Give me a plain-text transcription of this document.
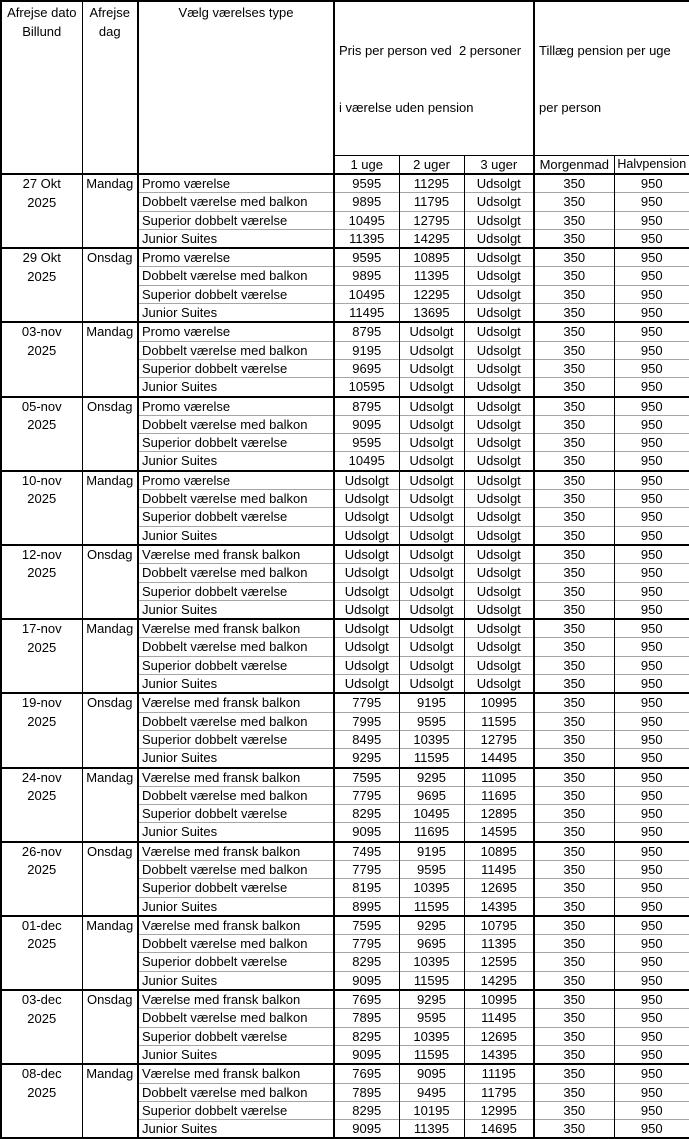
Afrejse dato
Billund

Afrejse
dag

Vælg værelses type

Pris per person ved  2 personer

i værelse uden pension

Tillæg pension per uge

per person

			1 uge	2 uger	3 uger	Morgenmad	Halvpension

27 Okt
2025	Mandag	Promo værelse	9595	11295	Udsolgt	350	950
		Dobbelt værelse med balkon	9895	11795	Udsolgt	350	950
		Superior dobbelt værelse	10495	12795	Udsolgt	350	950
		Junior Suites	11395	14295	Udsolgt	350	950

29 Okt
2025	Onsdag	Promo værelse	9595	10895	Udsolgt	350	950
		Dobbelt værelse med balkon	9895	11395	Udsolgt	350	950
		Superior dobbelt værelse	10495	12295	Udsolgt	350	950
		Junior Suites	11495	13695	Udsolgt	350	950

03-nov
2025	Mandag	Promo værelse	8795	Udsolgt	Udsolgt	350	950
		Dobbelt værelse med balkon	9195	Udsolgt	Udsolgt	350	950
		Superior dobbelt værelse	9695	Udsolgt	Udsolgt	350	950
		Junior Suites	10595	Udsolgt	Udsolgt	350	950

05-nov
2025	Onsdag	Promo værelse	8795	Udsolgt	Udsolgt	350	950
		Dobbelt værelse med balkon	9095	Udsolgt	Udsolgt	350	950
		Superior dobbelt værelse	9595	Udsolgt	Udsolgt	350	950
		Junior Suites	10495	Udsolgt	Udsolgt	350	950

10-nov
2025	Mandag	Promo værelse	Udsolgt	Udsolgt	Udsolgt	350	950
		Dobbelt værelse med balkon	Udsolgt	Udsolgt	Udsolgt	350	950
		Superior dobbelt værelse	Udsolgt	Udsolgt	Udsolgt	350	950
		Junior Suites	Udsolgt	Udsolgt	Udsolgt	350	950

12-nov
2025	Onsdag	Værelse med fransk balkon	Udsolgt	Udsolgt	Udsolgt	350	950
		Dobbelt værelse med balkon	Udsolgt	Udsolgt	Udsolgt	350	950
		Superior dobbelt værelse	Udsolgt	Udsolgt	Udsolgt	350	950
		Junior Suites	Udsolgt	Udsolgt	Udsolgt	350	950

17-nov
2025	Mandag	Værelse med fransk balkon	Udsolgt	Udsolgt	Udsolgt	350	950
		Dobbelt værelse med balkon	Udsolgt	Udsolgt	Udsolgt	350	950
		Superior dobbelt værelse	Udsolgt	Udsolgt	Udsolgt	350	950
		Junior Suites	Udsolgt	Udsolgt	Udsolgt	350	950

19-nov
2025	Onsdag	Værelse med fransk balkon	7795	9195	10995	350	950
		Dobbelt værelse med balkon	7995	9595	11595	350	950
		Superior dobbelt værelse	8495	10395	12795	350	950
		Junior Suites	9295	11595	14495	350	950

24-nov
2025	Mandag	Værelse med fransk balkon	7595	9295	11095	350	950
		Dobbelt værelse med balkon	7795	9695	11695	350	950
		Superior dobbelt værelse	8295	10495	12895	350	950
		Junior Suites	9095	11695	14595	350	950

26-nov
2025	Onsdag	Værelse med fransk balkon	7495	9195	10895	350	950
		Dobbelt værelse med balkon	7795	9595	11495	350	950
		Superior dobbelt værelse	8195	10395	12695	350	950
		Junior Suites	8995	11595	14395	350	950

01-dec
2025	Mandag	Værelse med fransk balkon	7595	9295	10795	350	950
		Dobbelt værelse med balkon	7795	9695	11395	350	950
		Superior dobbelt værelse	8295	10395	12595	350	950
		Junior Suites	9095	11595	14295	350	950

03-dec
2025	Onsdag	Værelse med fransk balkon	7695	9295	10995	350	950
		Dobbelt værelse med balkon	7895	9595	11495	350	950
		Superior dobbelt værelse	8295	10395	12695	350	950
		Junior Suites	9095	11595	14395	350	950

08-dec
2025	Mandag	Værelse med fransk balkon	7695	9095	11195	350	950
		Dobbelt værelse med balkon	7895	9495	11795	350	950
		Superior dobbelt værelse	8295	10195	12995	350	950
		Junior Suites	9095	11395	14695	350	950
